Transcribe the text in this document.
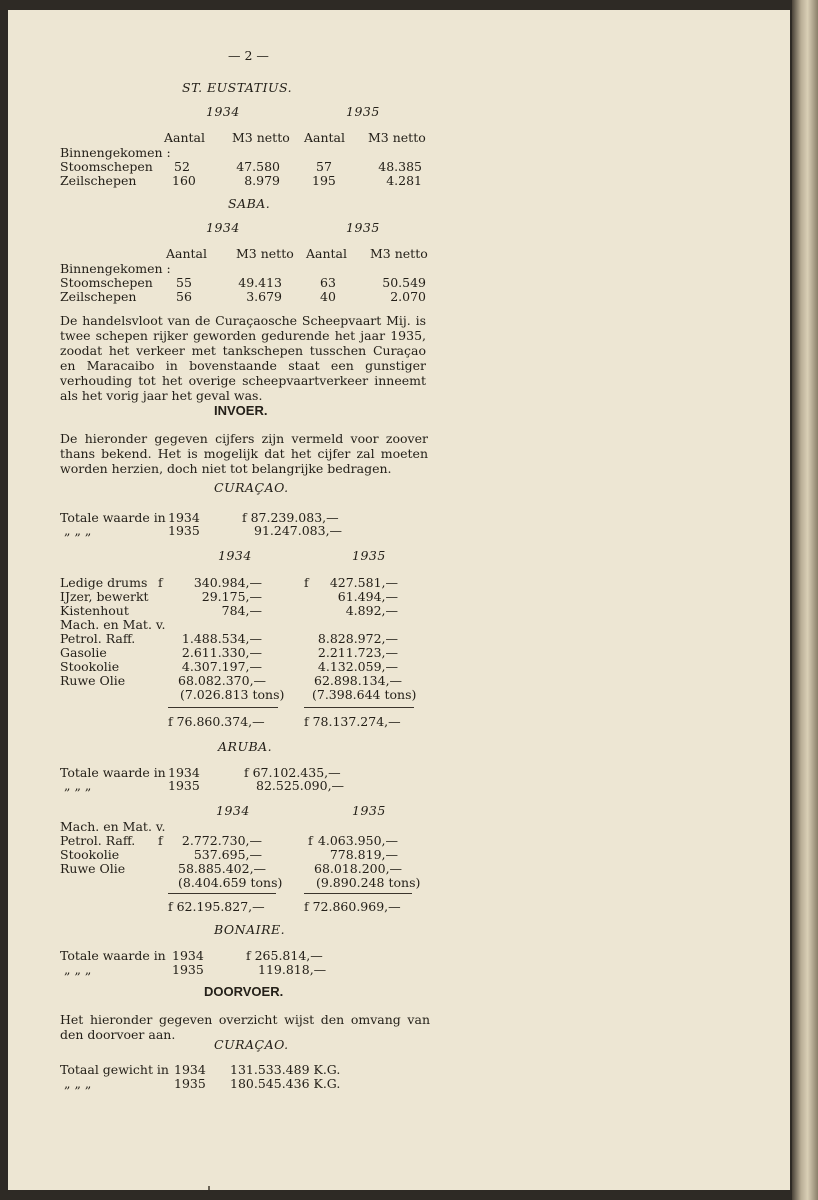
— 2 —
ST. EUSTATIUS.
1934	1935
Aantal M3 netto Aantal M3 netto
Binnengekomen :
Stoomschepen 52	47.580	57	48.385
Zeilschepen	160	8.979	195	4.281
SABA.
1934	1935
Aantal M3 netto Aantal M3 netto
Binnengekomen :
Stoomschepen 55	49.413	63	50.549
Zeilschepen	56	3.679	40	2.070
De handelsvloot van de Curaçaosche Scheepvaart Mij. is twee schepen rijker geworden gedurende het jaar 1935, zoodat het verkeer met tankschepen tusschen Curaçao en Maracaibo in bovenstaande staat een gunstiger verhouding tot het overige scheepvaartverkeer inneemt als het vorig jaar het geval was.
INVOER.
De hieronder gegeven cijfers zijn vermeld voor zoover thans bekend. Het is mogelijk dat het cijfer zal moeten worden herzien, doch niet tot belangrijke bedragen.
CURAÇAO.
Totale waarde in 1934	f 87.239.083,—
„ „ „	1935	91.247.083,—
1934	1935
Ledige drums f	340.984,—	f	427.581,—
IJzer, bewerkt	29.175,—	61.494,—
Kistenhout	784,—	4.892,—
Mach. en Mat. v.
Petrol. Raff.	1.488.534,—	8.828.972,—
Gasolie	2.611.330,—	2.211.723,—
Stookolie	4.307.197,—	4.132.059,—
Ruwe Olie	68.082.370,—	62.898.134,—
(7.026.813 tons) (7.398.644 tons)
f 76.860.374,—	f 78.137.274,—
ARUBA.
Totale waarde in 1934	f 67.102.435,—
„ „ „	1935	82.525.090,—
1934	1935
Mach. en Mat. v.
Petrol. Raff. f	2.772.730,—	f 4.063.950,—
Stookolie	537.695,—	778.819,—
Ruwe Olie	58.885.402,—	68.018.200,—
(8.404.659 tons)	(9.890.248 tons)
f 62.195.827,—	f 72.860.969,—
BONAIRE.
Totale waarde in 1934	f 265.814,—
„ „ „	1935	119.818,—
DOORVOER.
Het hieronder gegeven overzicht wijst den omvang van den doorvoer aan.
CURAÇAO.
Totaal gewicht in 1934 131.533.489 K.G.
„ „ „	1935 180.545.436 K.G.
